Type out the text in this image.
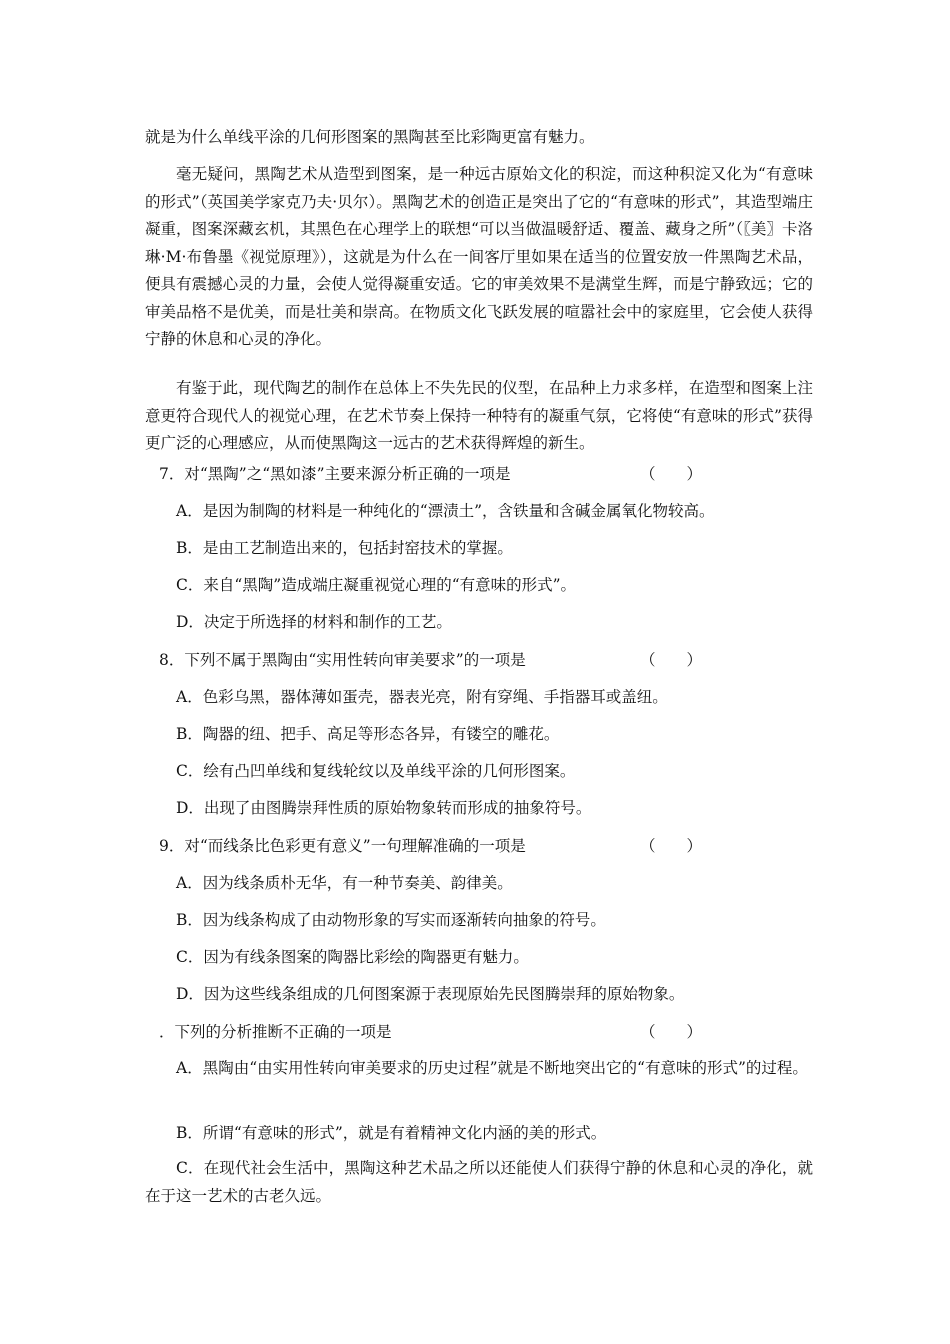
就是为什么单线平涂的几何形图案的黑陶甚至比彩陶更富有魅力。

毫无疑问，黑陶艺术从造型到图案，是一种远古原始文化的积淀，而这种积淀又化为“有意味的形式”（英国美学家克乃夫·贝尔）。黑陶艺术的创造正是突出了它的“有意味的形式”，其造型端庄凝重，图案深藏玄机，其黑色在心理学上的联想“可以当做温暖舒适、覆盖、藏身之所”（〖美〗卡洛琳·M·布鲁墨《视觉原理》），这就是为什么在一间客厅里如果在适当的位置安放一件黑陶艺术品，便具有震撼心灵的力量，会使人觉得凝重安适。它的审美效果不是满堂生辉，而是宁静致远；它的审美品格不是优美，而是壮美和崇高。在物质文化飞跃发展的喧嚣社会中的家庭里，它会使人获得宁静的休息和心灵的净化。

有鉴于此，现代陶艺的制作在总体上不失先民的仪型，在品种上力求多样，在造型和图案上注意更符合现代人的视觉心理，在艺术节奏上保持一种特有的凝重气氛，它将使“有意味的形式”获得更广泛的心理感应，从而使黑陶这一远古的艺术获得辉煌的新生。

7．对“黑陶”之“黑如漆”主要来源分析正确的一项是	（　　）

A．是因为制陶的材料是一种纯化的“漂渍土”，含铁量和含碱金属氧化物较高。

B．是由工艺制造出来的，包括封窑技术的掌握。

C．来自“黑陶”造成端庄凝重视觉心理的“有意味的形式”。

D．决定于所选择的材料和制作的工艺。

8．下列不属于黑陶由“实用性转向审美要求”的一项是	（　　）

A．色彩乌黑，器体薄如蛋壳，器表光亮，附有穿绳、手指器耳或盖纽。

B．陶器的纽、把手、高足等形态各异，有镂空的雕花。

C．绘有凸凹单线和复线轮纹以及单线平涂的几何形图案。

D．出现了由图腾崇拜性质的原始物象转而形成的抽象符号。

9．对“而线条比色彩更有意义”一句理解准确的一项是	（　　）

A．因为线条质朴无华，有一种节奏美、韵律美。

B．因为线条构成了由动物形象的写实而逐渐转向抽象的符号。

C．因为有线条图案的陶器比彩绘的陶器更有魅力。

D．因为这些线条组成的几何图案源于表现原始先民图腾崇拜的原始物象。

．下列的分析推断不正确的一项是	（　　）

A．黑陶由“由实用性转向审美要求的历史过程”就是不断地突出它的“有意味的形式”的过程。

B．所谓“有意味的形式”，就是有着精神文化内涵的美的形式。

C．在现代社会生活中，黑陶这种艺术品之所以还能使人们获得宁静的休息和心灵的净化，就在于这一艺术的古老久远。
